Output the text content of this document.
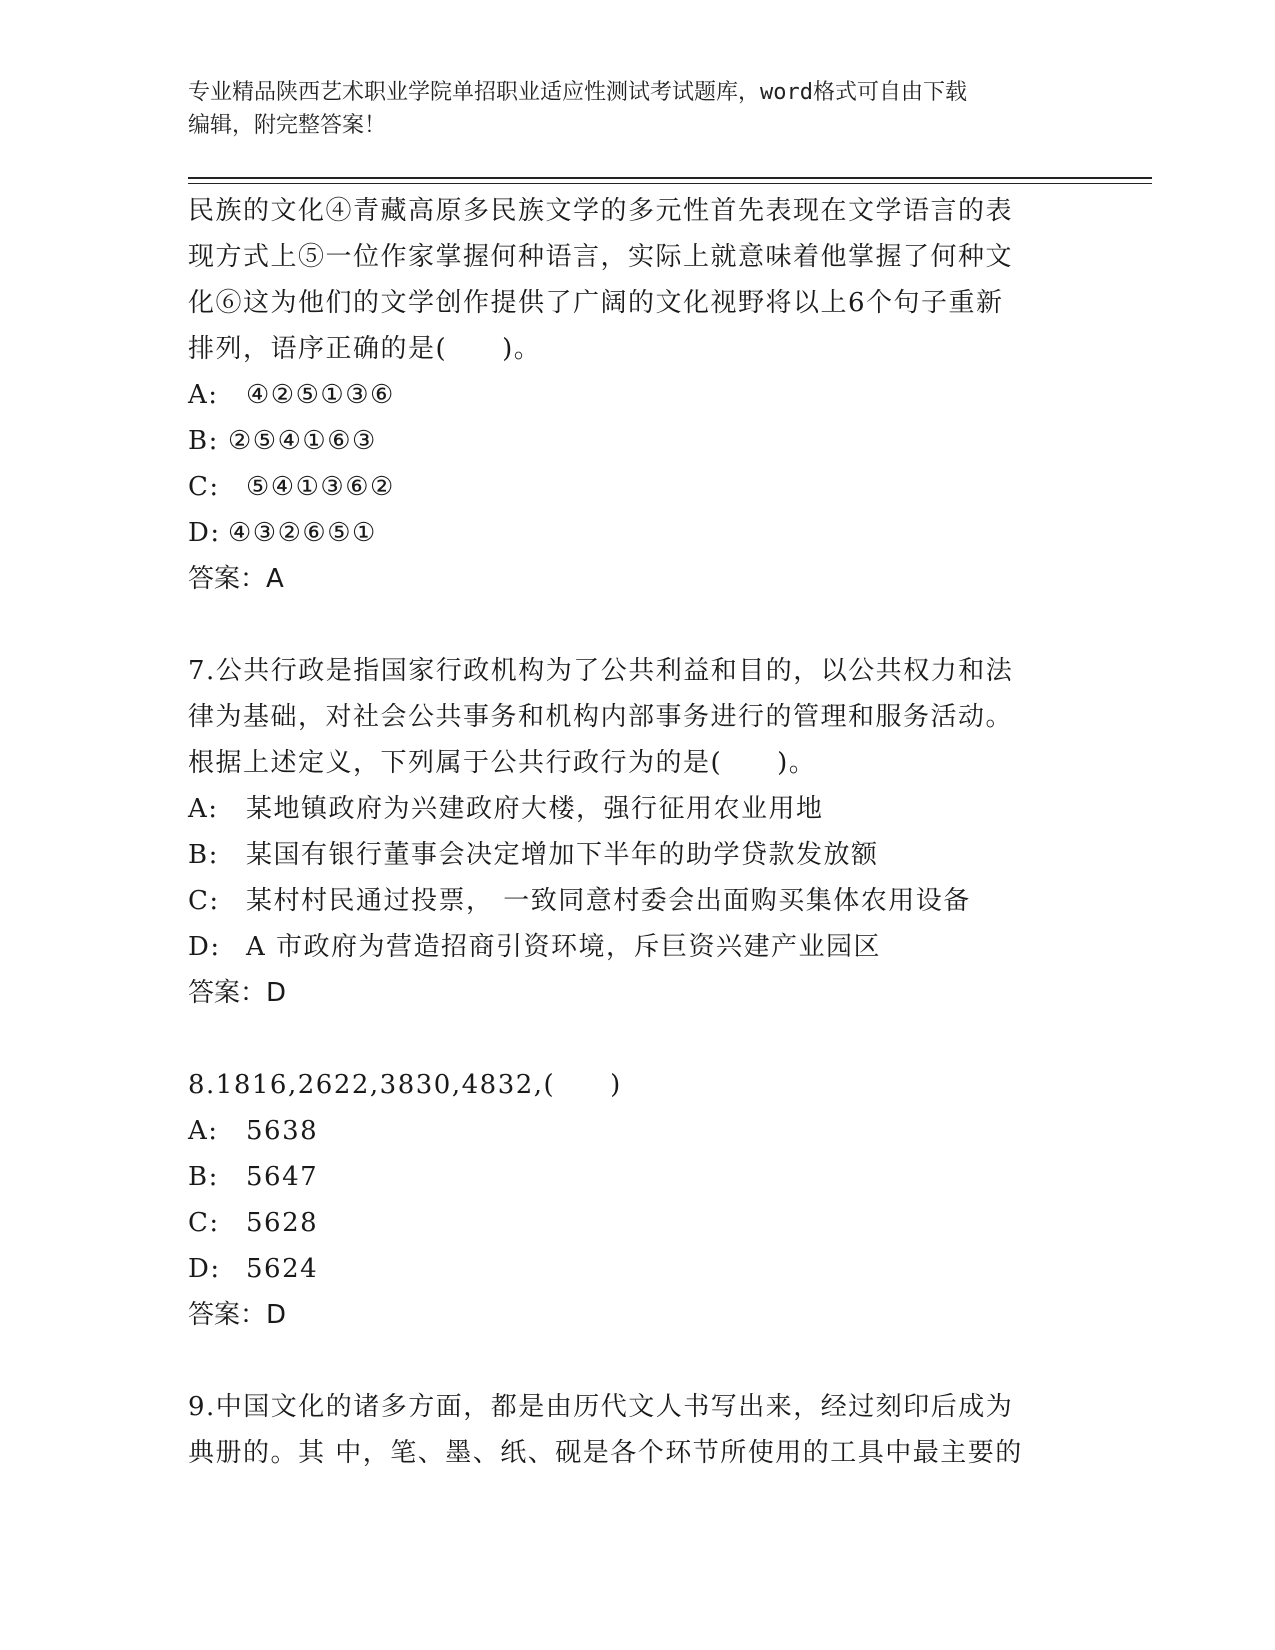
专业精品陕西艺术职业学院单招职业适应性测试考试题库，word格式可自由下载
编辑，附完整答案！
民族的文化④青藏高原多民族文学的多元性首先表现在文学语言的表
现方式上⑤一位作家掌握何种语言，实际上就意味着他掌握了何种文
化⑥这为他们的文学创作提供了广阔的文化视野将以上6个句子重新
排列，语序正确的是(　　)。
A: ④②⑤①③⑥
B: ②⑤④①⑥③
C: ⑤④①③⑥②
D: ④③②⑥⑤①
答案：A
7.公共行政是指国家行政机构为了公共利益和目的，以公共权力和法
律为基础，对社会公共事务和机构内部事务进行的管理和服务活动。
根据上述定义，下列属于公共行政行为的是(　　)。
A: 某地镇政府为兴建政府大楼，强行征用农业用地
B: 某国有银行董事会决定增加下半年的助学贷款发放额
C: 某村村民通过投票， 一致同意村委会出面购买集体农用设备
D: A 市政府为营造招商引资环境，斥巨资兴建产业园区
答案：D
8.1816,2622,3830,4832,(　　)
A: 5638
B: 5647
C: 5628
D: 5624
答案：D
9.中国文化的诸多方面，都是由历代文人书写出来，经过刻印后成为
典册的。其 中，笔、墨、纸、砚是各个环节所使用的工具中最主要的
